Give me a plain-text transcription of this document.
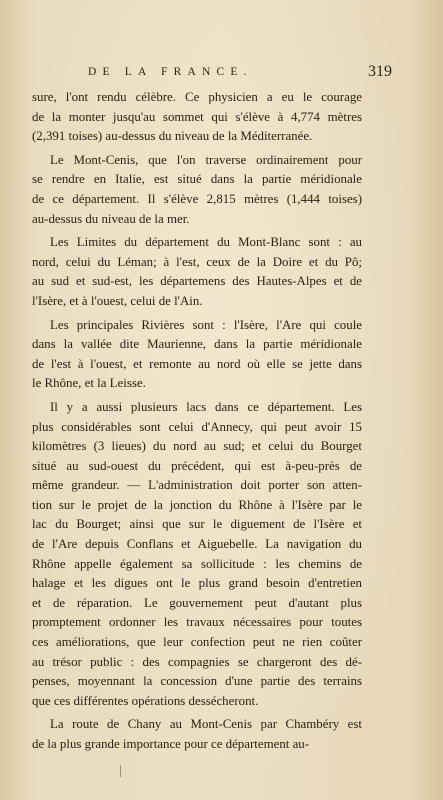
DE LA FRANCE.	319

sure, l'ont rendu célèbre. Ce physicien a eu le courage
de la monter jusqu'au sommet qui s'élève à 4,774 mètres
(2,391 toises) au-dessus du niveau de la Méditerranée.

Le Mont-Cenis, que l'on traverse ordinairement pour
se rendre en Italie, est situé dans la partie méridionale
de ce département. Il s'élève 2,815 mètres (1,444 toises)
au-dessus du niveau de la mer.

Les Limites du département du Mont-Blanc sont : au
nord, celui du Léman; à l'est, ceux de la Doire et du Pô;
au sud et sud-est, les départemens des Hautes-Alpes et de
l'Isère, et à l'ouest, celui de l'Ain.

Les principales Rivières sont : l'Isère, l'Are qui coule
dans la vallée dite Maurienne, dans la partie méridionale
de l'est à l'ouest, et remonte au nord où elle se jette dans
le Rhône, et la Leisse.

Il y a aussi plusieurs lacs dans ce département. Les
plus considérables sont celui d'Annecy, qui peut avoir 15
kilomètres (3 lieues) du nord au sud; et celui du Bourget
situé au sud-ouest du précédent, qui est à-peu-près de
même grandeur. — L'administration doit porter son atten-
tion sur le projet de la jonction du Rhône à l'Isère par le
lac du Bourget; ainsi que sur le diguement de l'Isère et
de l'Are depuis Conflans et Aiguebelle. La navigation du
Rhône appelle également sa sollicitude : les chemins de
halage et les digues ont le plus grand besoin d'entretien
et de réparation. Le gouvernement peut d'autant plus
promptement ordonner les travaux nécessaires pour toutes
ces améliorations, que leur confection peut ne rien coûter
au trésor public : des compagnies se chargeront des dé-
penses, moyennant la concession d'une partie des terrains
que ces différentes opérations dessécheront.

La route de Chany au Mont-Cenis par Chambéry est
de la plus grande importance pour ce département au-
